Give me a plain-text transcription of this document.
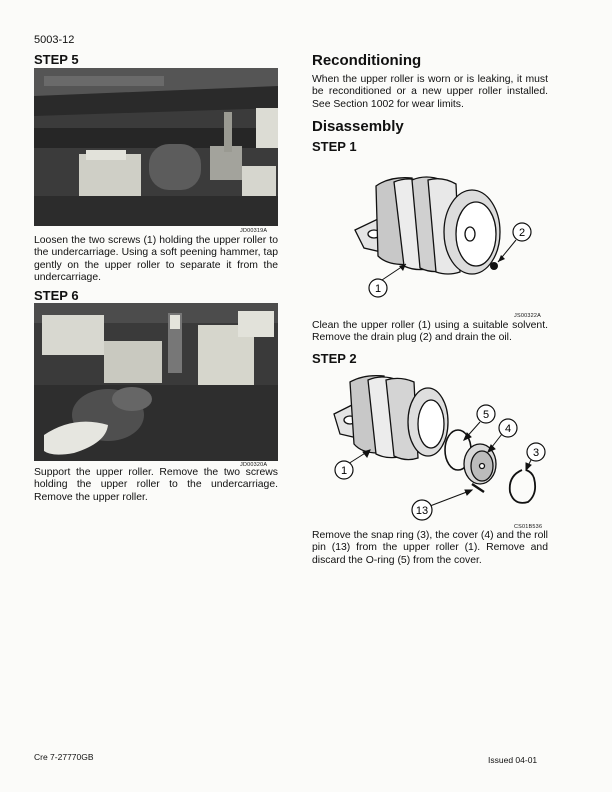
5003-12
STEP 5
JD00319A
Loosen the two screws (1) holding the upper roller to the undercarriage. Using a soft peening hammer, tap gently on the upper roller to separate it from the undercarriage.
STEP 6
JD00320A
Support the upper roller. Remove the two screws holding the upper roller to the undercarriage. Remove the upper roller.
Reconditioning
When the upper roller is worn or is leaking, it must be reconditioned or a new upper roller installed. See Section 1002 for wear limits.
Disassembly
STEP 1
1
2
JS00322A
Clean the upper roller (1) using a suitable solvent. Remove the drain plug (2) and drain the oil.
STEP 2
5
4
3
1
13
CS01B536
Remove the snap ring (3), the cover (4) and the roll pin (13) from the upper roller (1). Remove and discard the O-ring (5) from the cover.
Cre 7-27770GB	Issued 04-01
